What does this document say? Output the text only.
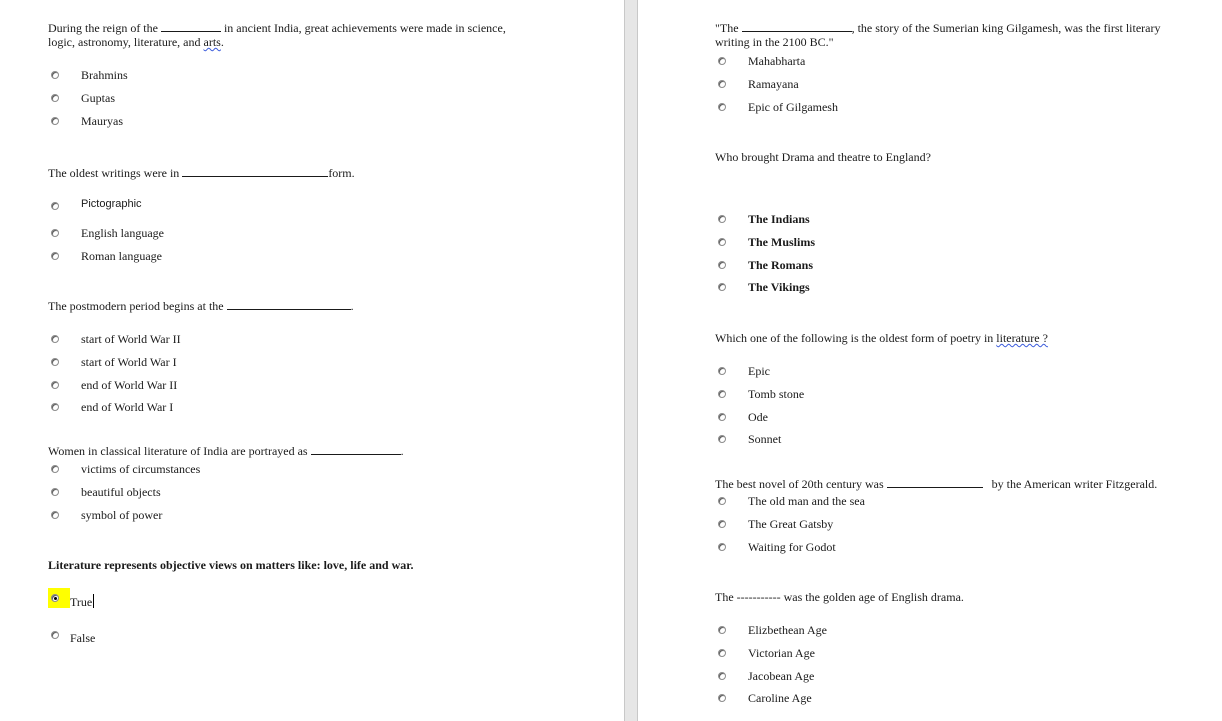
During the reign of the	in ancient India, great achievements were made in science,
logic, astronomy, literature, and arts.
Brahmins
Guptas
Mauryas
The oldest writings were in	form.
Pictographic
English language
Roman language
The postmodern period begins at the	.
start of World War II
start of World War I
end of World War II
end of World War I
Women in classical literature of India are portrayed as	.
victims of circumstances
beautiful objects
symbol of power
Literature represents objective views on matters like: love, life and war.
True
False
"The	, the story of the Sumerian king Gilgamesh, was the first literary
writing in the 2100 BC."
Mahabharta
Ramayana
Epic of Gilgamesh
Who brought Drama and theatre to England?
The Indians
The Muslims
The Romans
The Vikings
Which one of the following is the oldest form of poetry in literature ?
Epic
Tomb stone
Ode
Sonnet
The best novel of 20th century was	by the American writer Fitzgerald.
The old man and the sea
The Great Gatsby
Waiting for Godot
The ----------- was the golden age of English drama.
Elizbethean Age
Victorian Age
Jacobean Age
Caroline Age
